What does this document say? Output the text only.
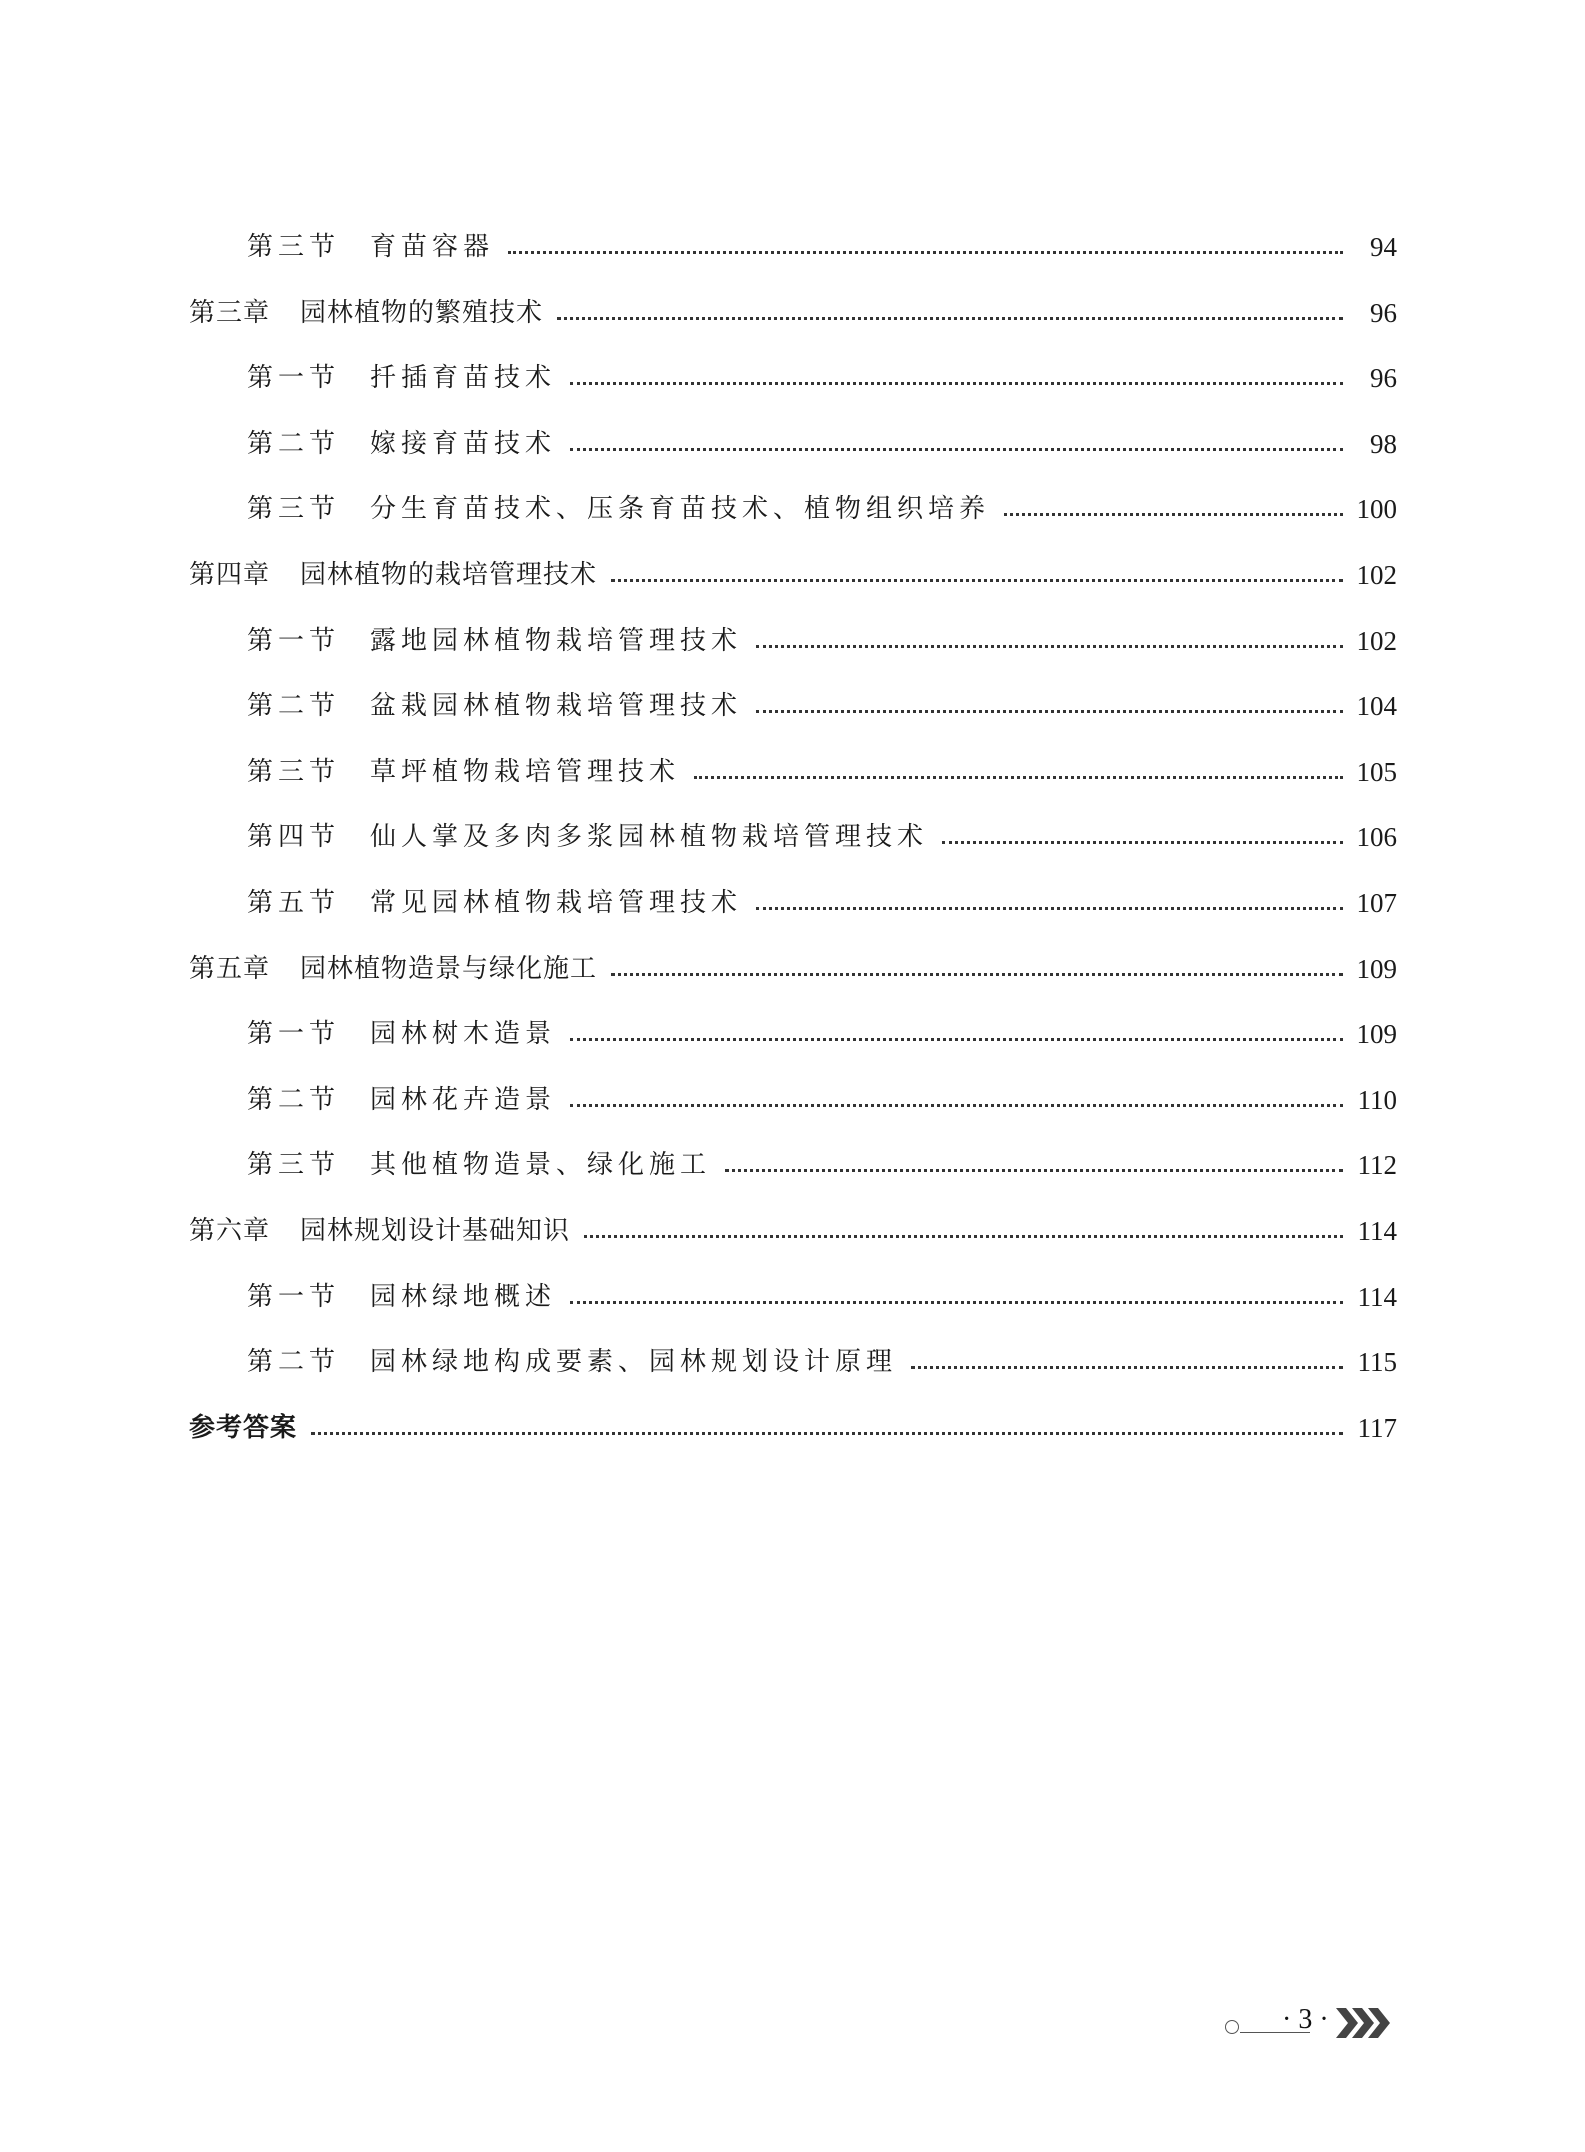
第三节 育苗容器	94
第三章 园林植物的繁殖技术	96
第一节 扦插育苗技术	96
第二节 嫁接育苗技术	98
第三节 分生育苗技术、压条育苗技术、植物组织培养	100
第四章 园林植物的栽培管理技术	102
第一节 露地园林植物栽培管理技术	102
第二节 盆栽园林植物栽培管理技术	104
第三节 草坪植物栽培管理技术	105
第四节 仙人掌及多肉多浆园林植物栽培管理技术	106
第五节 常见园林植物栽培管理技术	107
第五章 园林植物造景与绿化施工	109
第一节 园林树木造景	109
第二节 园林花卉造景	110
第三节 其他植物造景、绿化施工	112
第六章 园林规划设计基础知识	114
第一节 园林绿地概述	114
第二节 园林绿地构成要素、园林规划设计原理	115
参考答案	117
· 3 ·
